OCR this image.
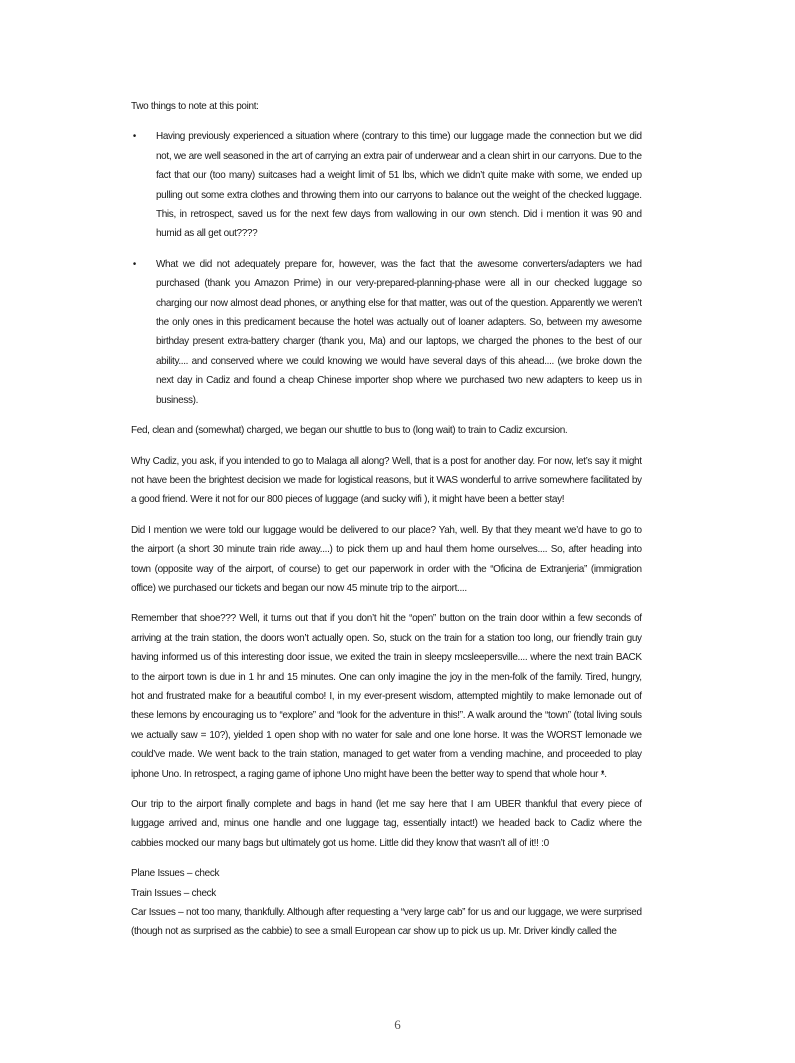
Two things to note at this point:

• Having previously experienced a situation where (contrary to this time) our luggage made the connection but we did not, we are well seasoned in the art of carrying an extra pair of underwear and a clean shirt in our carryons. Due to the fact that our (too many) suitcases had a weight limit of 51 lbs, which we didn’t quite make with some, we ended up pulling out some extra clothes and throwing them into our carryons to balance out the weight of the checked luggage. This, in retrospect, saved us for the next few days from wallowing in our own stench. Did i mention it was 90 and humid as all get out????
• What we did not adequately prepare for, however, was the fact that the awesome converters/adapters we had purchased (thank you Amazon Prime) in our very-prepared-planning-phase were all in our checked luggage so charging our now almost dead phones, or anything else for that matter, was out of the question. Apparently we weren’t the only ones in this predicament because the hotel was actually out of loaner adapters. So, between my awesome birthday present extra-battery charger (thank you, Ma) and our laptops, we charged the phones to the best of our ability.... and conserved where we could knowing we would have several days of this ahead.... (we broke down the next day in Cadiz and found a cheap Chinese importer shop where we purchased two new adapters to keep us in business).

Fed, clean and (somewhat) charged, we began our shuttle to bus to (long wait) to train to Cadiz excursion.

Why Cadiz, you ask, if you intended to go to Malaga all along? Well, that is a post for another day. For now, let’s say it might not have been the brightest decision we made for logistical reasons, but it WAS wonderful to arrive somewhere facilitated by a good friend. Were it not for our 800 pieces of luggage (and sucky wifi ), it might have been a better stay!

Did I mention we were told our luggage would be delivered to our place? Yah, well. By that they meant we’d have to go to the airport (a short 30 minute train ride away....) to pick them up and haul them home ourselves.... So, after heading into town (opposite way of the airport, of course) to get our paperwork in order with the “Oficina de Extranjeria” (immigration office) we purchased our tickets and began our now 45 minute trip to the airport....

Remember that shoe??? Well, it turns out that if you don’t hit the “open” button on the train door within a few seconds of arriving at the train station, the doors won’t actually open. So, stuck on the train for a station too long, our friendly train guy having informed us of this interesting door issue, we exited the train in sleepy mcsleepersville.... where the next train BACK to the airport town is due in 1 hr and 15 minutes. One can only imagine the joy in the men-folk of the family. Tired, hungry, hot and frustrated make for a beautiful combo! I, in my ever-present wisdom, attempted mightily to make lemonade out of these lemons by encouraging us to “explore” and “look for the adventure in this!”. A walk around the “town” (total living souls we actually saw = 10?), yielded 1 open shop with no water for sale and one lone horse. It was the WORST lemonade we could’ve made. We went back to the train station, managed to get water from a vending machine, and proceeded to play iphone Uno. In retrospect, a raging game of iphone Uno might have been the better way to spend that whole hour ᵜ.

Our trip to the airport finally complete and bags in hand (let me say here that I am UBER thankful that every piece of luggage arrived and, minus one handle and one luggage tag, essentially intact!) we headed back to Cadiz where the cabbies mocked our many bags but ultimately got us home. Little did they know that wasn’t all of it!! :0

Plane Issues – check

Train Issues – check

Car Issues – not too many, thankfully. Although after requesting a “very large cab” for us and our luggage, we were surprised (though not as surprised as the cabbie) to see a small European car show up to pick us up. Mr. Driver kindly called the

6
